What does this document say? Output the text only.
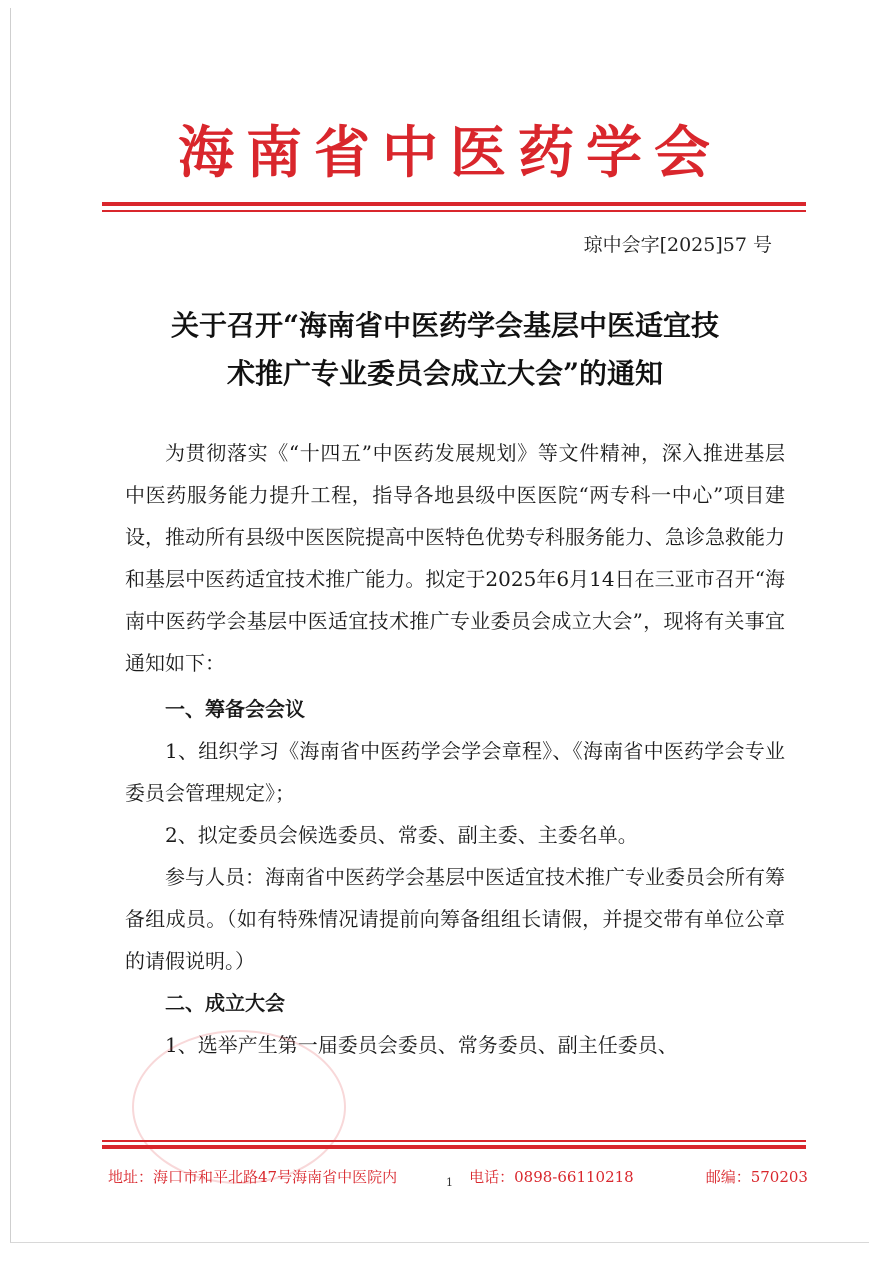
海南省中医药学会
琼中会字[2025]57 号
关于召开“海南省中医药学会基层中医适宜技
术推广专业委员会成立大会”的通知

为贯彻落实《“十四五”中医药发展规划》等文件精神，深入推进基层中医药服务能力提升工程，指导各地县级中医医院“两专科一中心”项目建设，推动所有县级中医医院提高中医特色优势专科服务能力、急诊急救能力和基层中医药适宜技术推广能力。拟定于2025年6月14日在三亚市召开“海南中医药学会基层中医适宜技术推广专业委员会成立大会”，现将有关事宜通知如下：

一、筹备会会议

1、组织学习《海南省中医药学会学会章程》、《海南省中医药学会专业委员会管理规定》；

2、拟定委员会候选委员、常委、副主委、主委名单。

参与人员：海南省中医药学会基层中医适宜技术推广专业委员会所有筹备组成员。（如有特殊情况请提前向筹备组组长请假，并提交带有单位公章的请假说明。）

二、成立大会

1、选举产生第一届委员会委员、常务委员、副主任委员、

地址：海口市和平北路47号海南省中医院内	电话：0898-66110218	邮编：570203
1
